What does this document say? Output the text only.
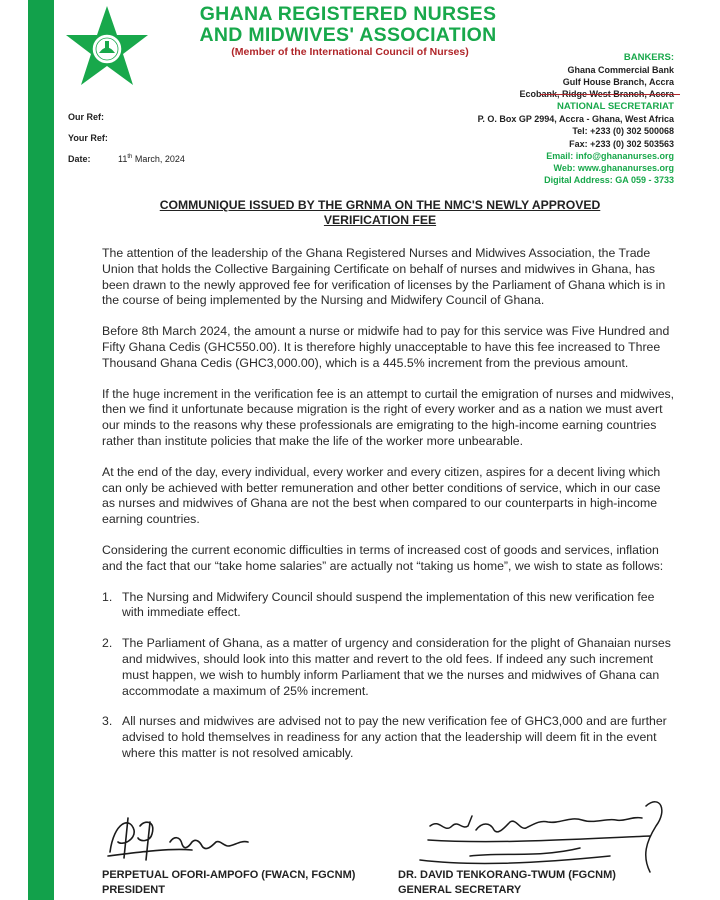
GHANA REGISTERED NURSES
AND MIDWIVES' ASSOCIATION
(Member of the International Council of Nurses)	BANKERS:
Ghana Commercial Bank
Gulf House Branch, Accra
Ecobank, Ridge West Branch, Accra
NATIONAL SECRETARIAT
P. O. Box GP 2994, Accra - Ghana, West Africa
Tel: +233 (0) 302 500068
Fax: +233 (0) 302 503563
Email: info@ghananurses.org
Web: www.ghananurses.org
Digital Address: GA 059 - 3733
Our Ref:
Your Ref:
Date:	11th March, 2024
COMMUNIQUE ISSUED BY THE GRNMA ON THE NMC'S NEWLY APPROVED
VERIFICATION FEE

The attention of the leadership of the Ghana Registered Nurses and Midwives Association, the Trade Union that holds the Collective Bargaining Certificate on behalf of nurses and midwives in Ghana, has been drawn to the newly approved fee for verification of licenses by the Parliament of Ghana which is in the course of being implemented by the Nursing and Midwifery Council of Ghana.

Before 8th March 2024, the amount a nurse or midwife had to pay for this service was Five Hundred and Fifty Ghana Cedis (GHC550.00). It is therefore highly unacceptable to have this fee increased to Three Thousand Ghana Cedis (GHC3,000.00), which is a 445.5% increment from the previous amount.

If the huge increment in the verification fee is an attempt to curtail the emigration of nurses and midwives, then we find it unfortunate because migration is the right of every worker and as a nation we must avert our minds to the reasons why these professionals are emigrating to the high-income earning countries rather than institute policies that make the life of the worker more unbearable.

At the end of the day, every individual, every worker and every citizen, aspires for a decent living which can only be achieved with better remuneration and other better conditions of service, which in our case as nurses and midwives of Ghana are not the best when compared to our counterparts in high-income earning countries.

Considering the current economic difficulties in terms of increased cost of goods and services, inflation and the fact that our “take home salaries” are actually not “taking us home”, we wish to state as follows:

1. The Nursing and Midwifery Council should suspend the implementation of this new verification fee with immediate effect.
2. The Parliament of Ghana, as a matter of urgency and consideration for the plight of Ghanaian nurses and midwives, should look into this matter and revert to the old fees. If indeed any such increment must happen, we wish to humbly inform Parliament that we the nurses and midwives of Ghana can accommodate a maximum of 25% increment.
3. All nurses and midwives are advised not to pay the new verification fee of GHC3,000 and are further advised to hold themselves in readiness for any action that the leadership will deem fit in the event where this matter is not resolved amicably.
PERPETUAL OFORI-AMPOFO (FWACN, FGCNM)
PRESIDENT
DR. DAVID TENKORANG-TWUM (FGCNM)
GENERAL SECRETARY
